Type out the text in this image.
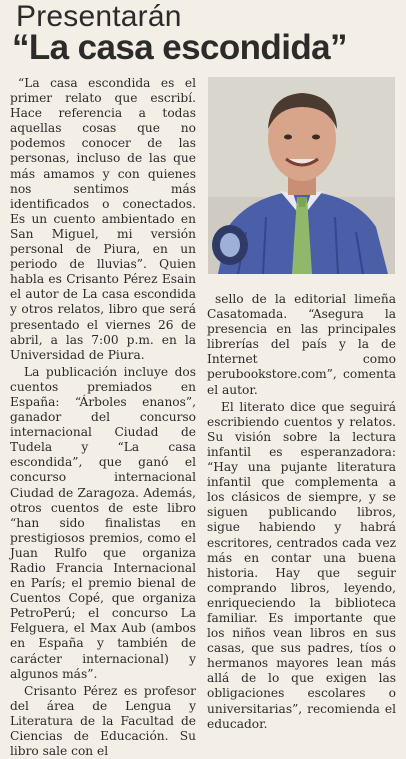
Presentarán
“La casa escondida”

“La casa escondida es el primer relato que escribí. Hace referencia a todas aquellas cosas que no podemos conocer de las personas, incluso de las que más amamos y con quienes nos sentimos más identificados o conectados. Es un cuento ambientado en San Miguel, mi versión personal de Piura, en un periodo de lluvias”. Quien habla es Crisanto Pérez Esain el autor de La casa escondida y otros relatos, libro que será presentado el viernes 26 de abril, a las 7:00 p.m. en la Universidad de Piura.

La publicación incluye dos cuentos premiados en España: “Árboles enanos”, ganador del concurso internacional Ciudad de Tudela y “La casa escondida”, que ganó el concurso internacional Ciudad de Zaragoza. Además, otros cuentos de este libro “han sido finalistas en prestigiosos premios, como el Juan Rulfo que organiza Radio Francia Internacional en París; el premio bienal de Cuentos Copé, que organiza PetroPerú; el concurso La Felguera, el Max Aub (ambos en España y también de carácter internacional) y algunos más”.

Crisanto Pérez es profesor del área de Lengua y Literatura de la Facultad de Ciencias de Educación. Su libro sale con el

sello de la editorial limeña Casatomada. “Asegura la presencia en las principales librerías del país y la de Internet como perubookstore.com”, comenta el autor.

El literato dice que seguirá escribiendo cuentos y relatos. Su visión sobre la lectura infantil es esperanzadora: “Hay una pujante literatura infantil que complementa a los clásicos de siempre, y se siguen publicando libros, sigue habiendo y habrá escritores, centrados cada vez más en contar una buena historia. Hay que seguir comprando libros, leyendo, enriqueciendo la biblioteca familiar. Es importante que los niños vean libros en sus casas, que sus padres, tíos o hermanos mayores lean más allá de lo que exigen las obligaciones escolares o universitarias”, recomienda el educador.
